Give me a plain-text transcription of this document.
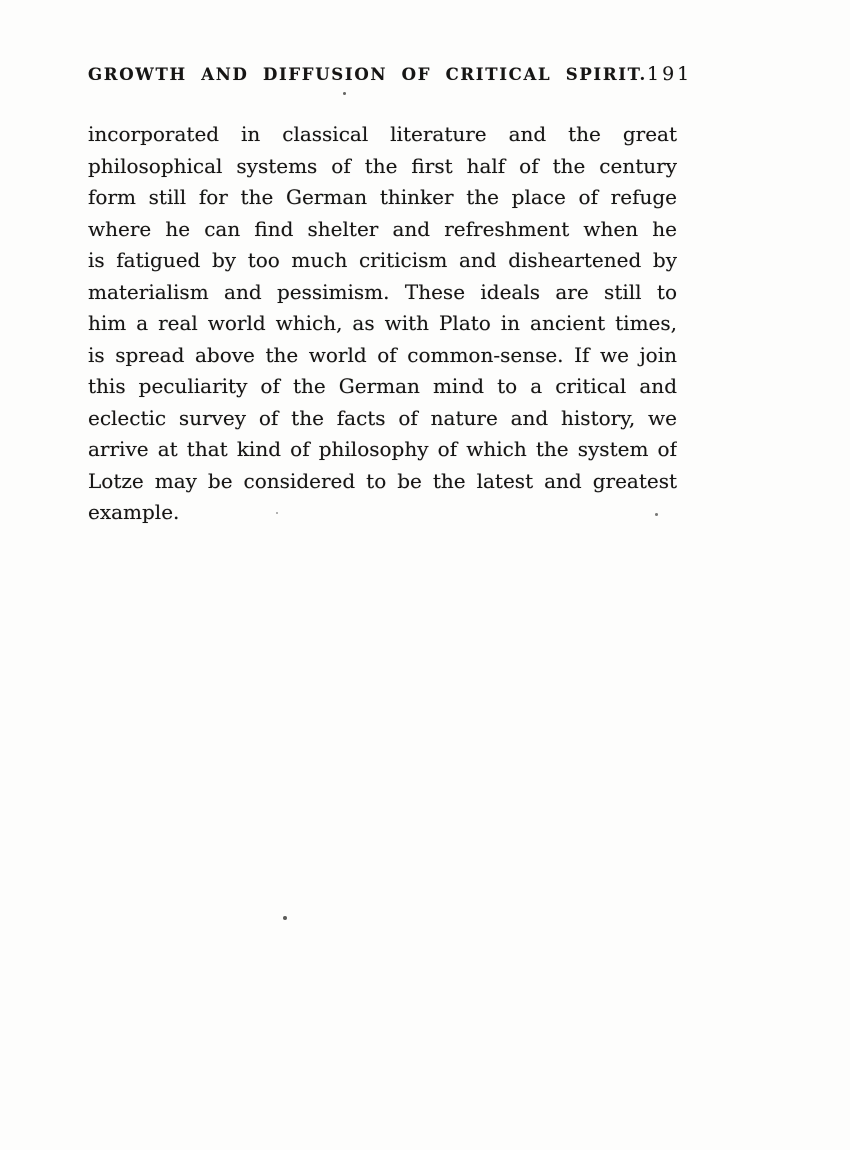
GROWTH AND DIFFUSION OF CRITICAL SPIRIT. 191
incorporated in classical literature and the great
philosophical systems of the first half of the century
form still for the German thinker the place of refuge
where he can find shelter and refreshment when he
is fatigued by too much criticism and disheartened by
materialism and pessimism. These ideals are still to
him a real world which, as with Plato in ancient times,
is spread above the world of common-sense. If we join
this peculiarity of the German mind to a critical and
eclectic survey of the facts of nature and history, we
arrive at that kind of philosophy of which the system of
Lotze may be considered to be the latest and greatest
example.
